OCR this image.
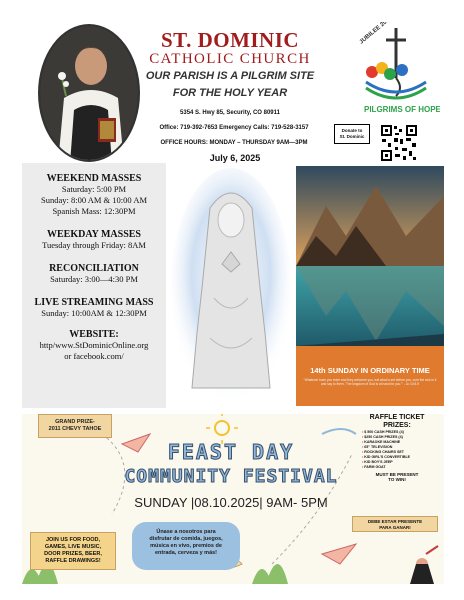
ST. DOMINIC
CATHOLIC CHURCH
OUR PARISH IS A PILGRIM SITE
FOR THE HOLY YEAR
5354 S. Hwy 85, Security, CO 80911
Office: 719-392-7653 Emergency Calls: 719-528-3157
OFFICE HOURS: MONDAY – THURSDAY 9AM—3PM
July 6, 2025
JUBILEE 2025
PILGRIMS OF HOPE
Donate to
St. Dominic
WEEKEND MASSES
Saturday: 5:00 PM
Sunday: 8:00 AM & 10:00 AM
Spanish Mass: 12:30PM
WEEKDAY MASSES
Tuesday through Friday: 8AM
RECONCILIATION
Saturday: 3:00—4:30 PM
LIVE STREAMING MASS
Sunday: 10:00AM & 12:30PM
WEBSITE:
http/www.StDominicOnline.org
or facebook.com/
14th SUNDAY IN ORDINARY TIME
"Whatever town you enter and they welcome you, eat what is set before you, cure the sick in it and say to them, 'The kingdom of God is at hand for you.'" - Lk 10:8-9
GRAND PRIZE-
2011 CHEVY TAHOE
FEAST DAY
COMMUNITY FESTIVAL
SUNDAY |08.10.2025| 9AM- 5PM
JOIN US FOR FOOD,
GAMES, LIVE MUSIC,
DOOR PRIZES, BEER,
RAFFLE DRAWINGS!
Únase a nosotros para
disfrutar de comida, juegos,
música en vivo, premios de
entrada, cerveza y más!
RAFFLE TICKET
PRIZES:
• $ 500 CASH PRIZES (4)
• $250 CASH PRIZES (4)
• KARAOKE MACHINE
• 65" TELEVISION
• ROCKING CHAIRS SET
• KID GIRL'S CONVERTIBLE
• KID BOY'S JEEP
• FARM GOAT
MUST BE PRESENT
TO WIN!
DEBE ESTAR PRESENTE
PARA GANAR!
